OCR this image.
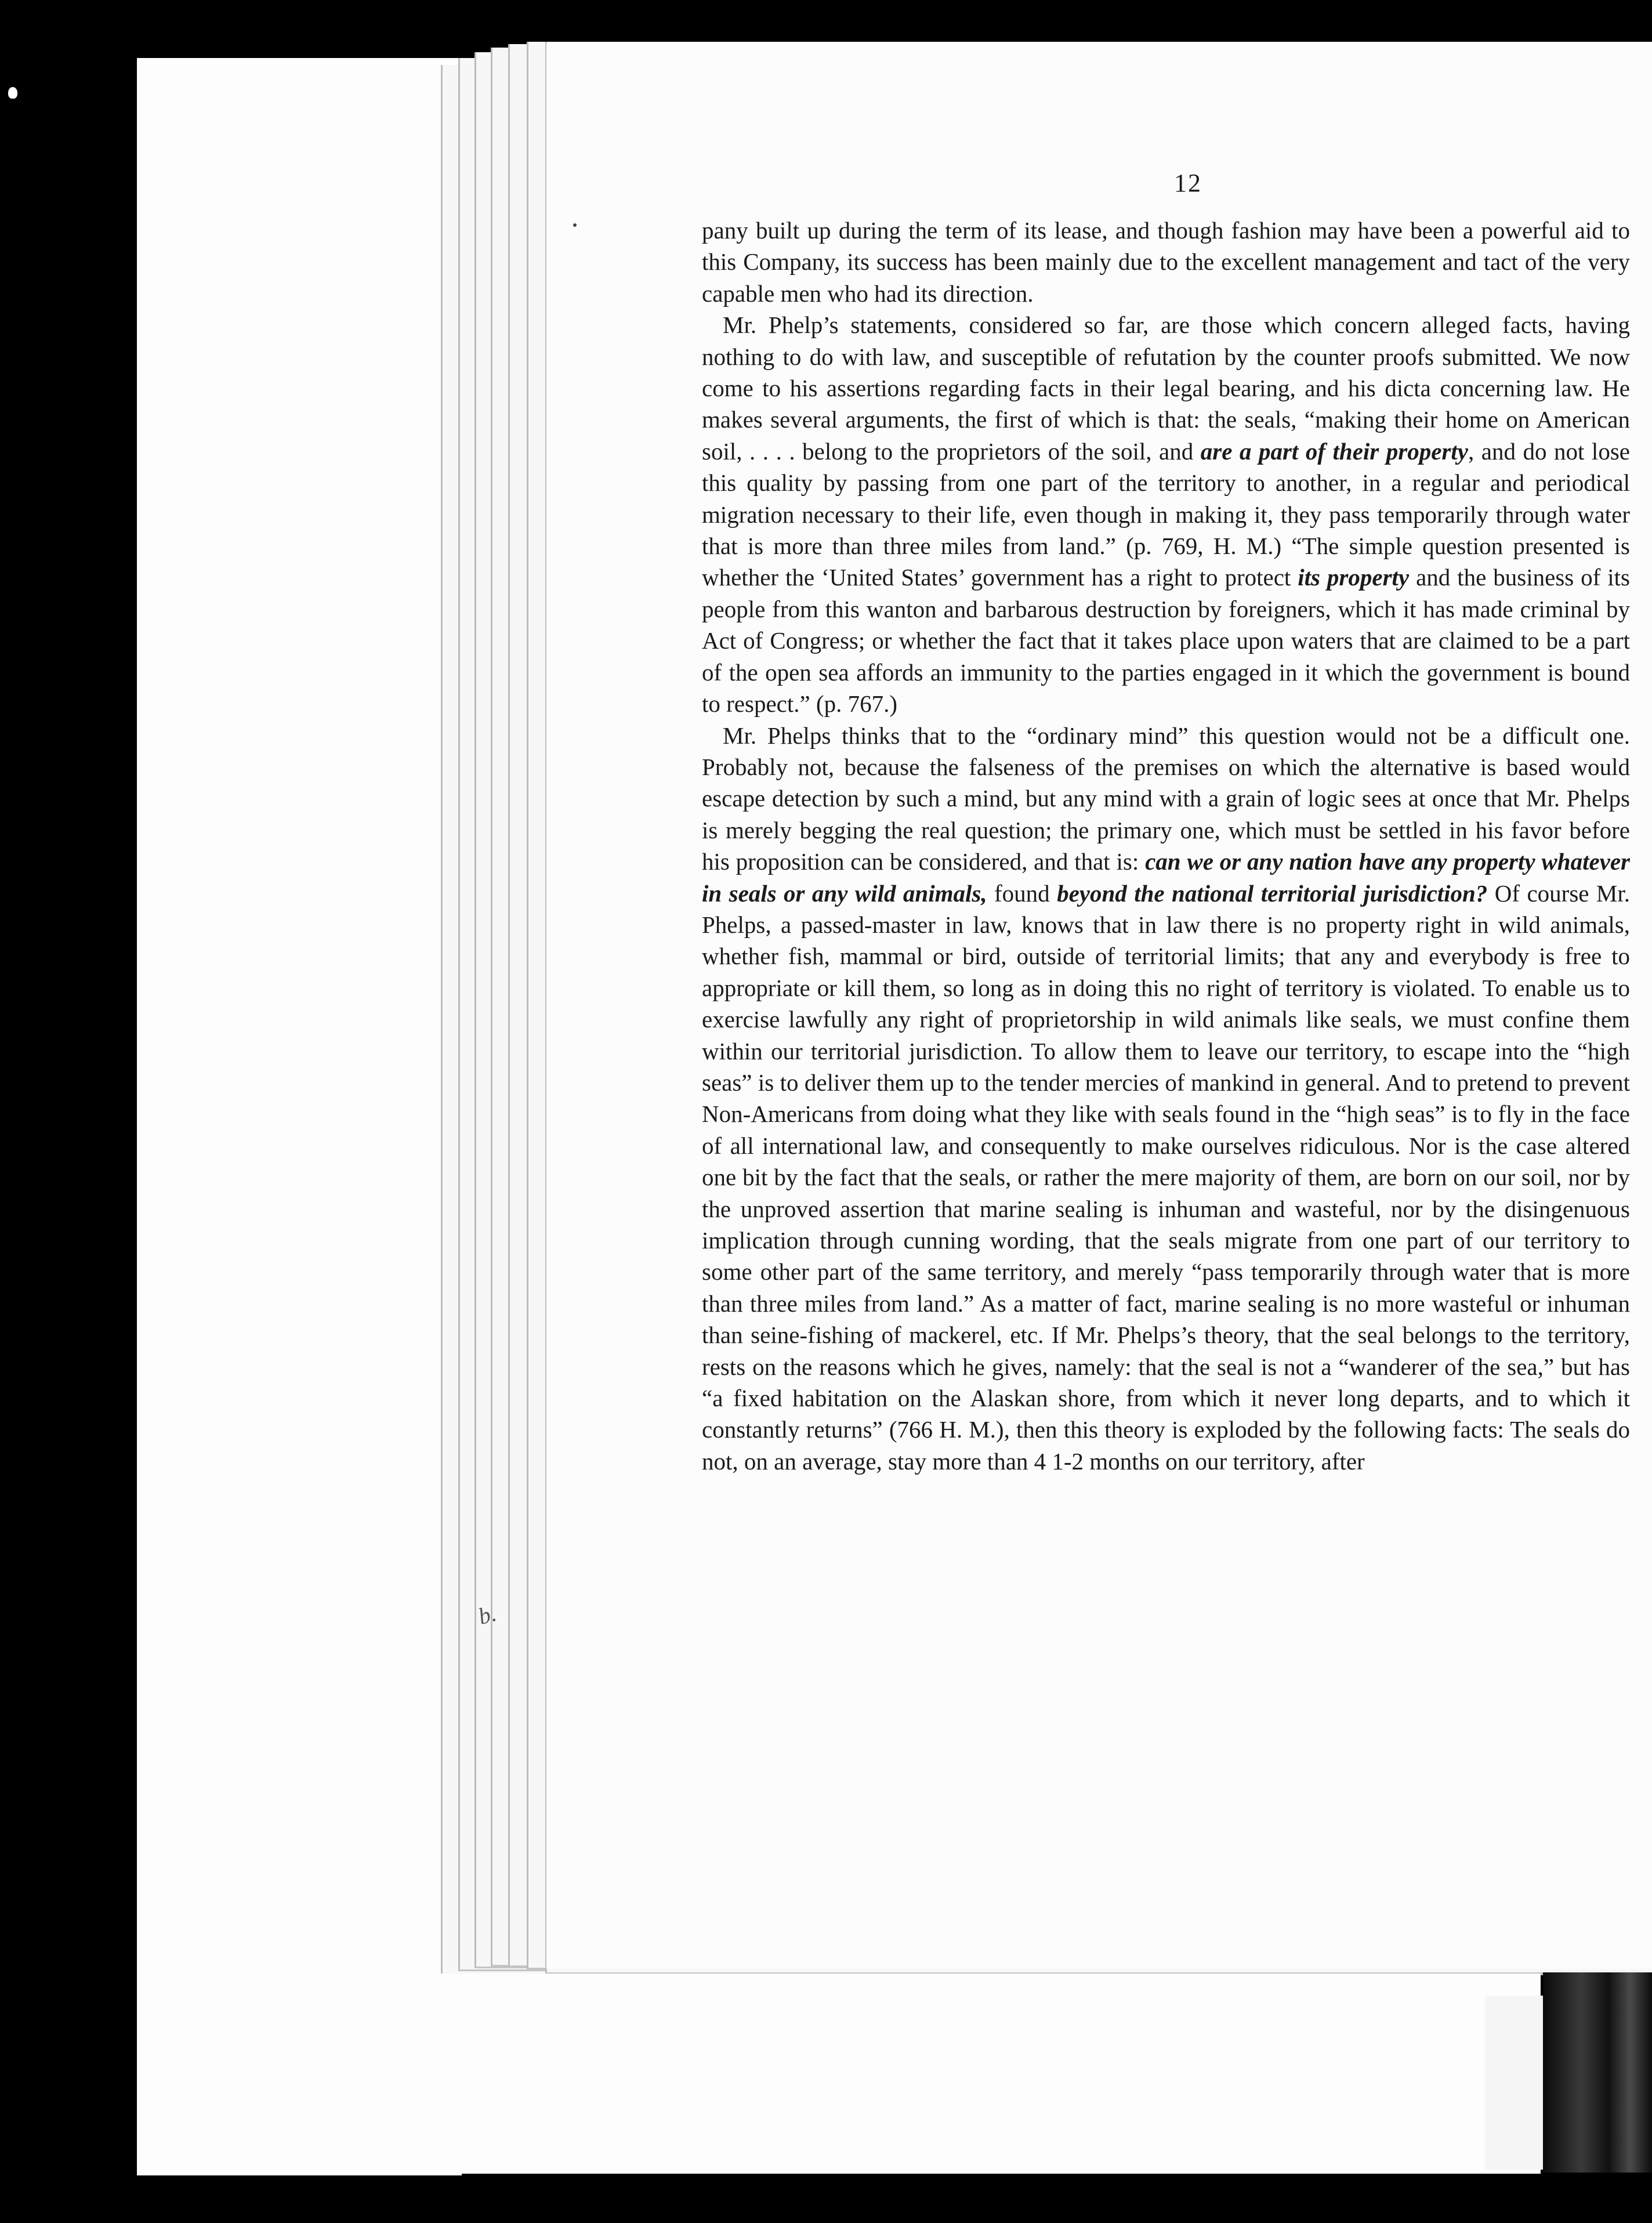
12
b.

pany built up during the term of its lease, and though fashion may have been a powerful aid to this Company, its success has been mainly due to the excellent management and tact of the very capable men who had its direction.

Mr. Phelp’s statements, considered so far, are those which concern alleged facts, having nothing to do with law, and susceptible of refutation by the counter proofs submitted. We now come to his assertions regarding facts in their legal bearing, and his dicta concerning law. He makes several arguments, the first of which is that: the seals, “making their home on American soil, . . . . belong to the proprietors of the soil, and are a part of their property, and do not lose this quality by passing from one part of the territory to another, in a regular and periodical migration necessary to their life, even though in making it, they pass temporarily through water that is more than three miles from land.” (p. 769, H. M.) “The simple question presented is whether the ‘United States’ government has a right to protect its property and the business of its people from this wanton and barbarous destruction by foreigners, which it has made criminal by Act of Congress; or whether the fact that it takes place upon waters that are claimed to be a part of the open sea affords an immunity to the parties engaged in it which the government is bound to respect.” (p. 767.)

Mr. Phelps thinks that to the “ordinary mind” this question would not be a difficult one. Probably not, because the falseness of the premises on which the alternative is based would escape detection by such a mind, but any mind with a grain of logic sees at once that Mr. Phelps is merely begging the real question; the primary one, which must be settled in his favor before his proposition can be considered, and that is: can we or any nation have any property whatever in seals or any wild animals, found beyond the national territorial jurisdiction? Of course Mr. Phelps, a passed-master in law, knows that in law there is no property right in wild animals, whether fish, mammal or bird, outside of territorial limits; that any and everybody is free to appropriate or kill them, so long as in doing this no right of territory is violated. To enable us to exercise lawfully any right of proprietorship in wild animals like seals, we must confine them within our territorial jurisdiction. To allow them to leave our territory, to escape into the “high seas” is to deliver them up to the tender mercies of mankind in general. And to pretend to prevent Non-Americans from doing what they like with seals found in the “high seas” is to fly in the face of all international law, and consequently to make ourselves ridiculous. Nor is the case altered one bit by the fact that the seals, or rather the mere majority of them, are born on our soil, nor by the unproved assertion that marine sealing is inhuman and wasteful, nor by the disingenuous implication through cunning wording, that the seals migrate from one part of our territory to some other part of the same territory, and merely “pass temporarily through water that is more than three miles from land.” As a matter of fact, marine sealing is no more wasteful or inhuman than seine-fishing of mackerel, etc. If Mr. Phelps’s theory, that the seal belongs to the territory, rests on the reasons which he gives, namely: that the seal is not a “wanderer of the sea,” but has “a fixed habitation on the Alaskan shore, from which it never long departs, and to which it constantly returns” (766 H. M.), then this theory is exploded by the following facts: The seals do not, on an average, stay more than 4 1-2 months on our territory, after
